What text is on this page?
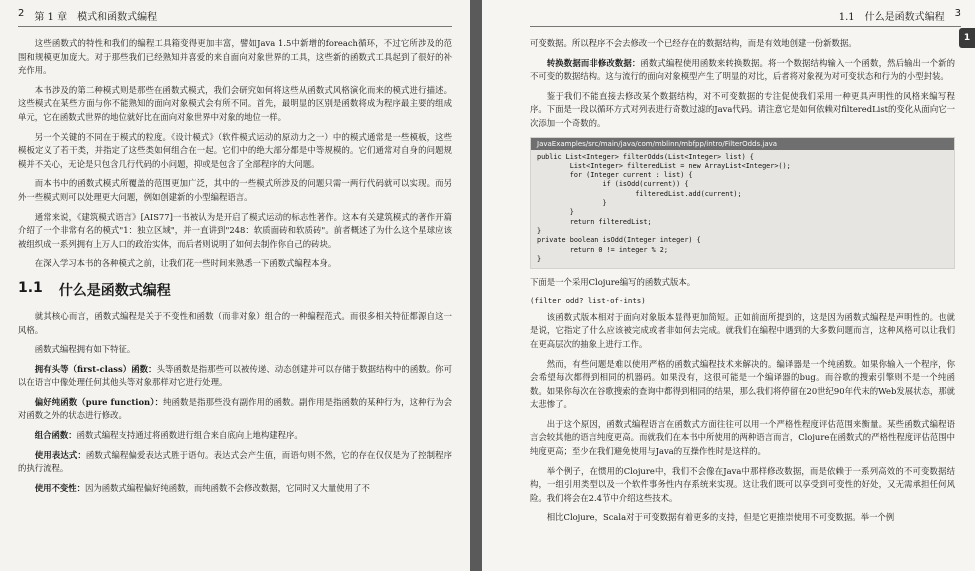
2 第 1 章　模式和函数式编程

这些函数式的特性和我们的编程工具箱变得更加丰富，譬如Java 1.5中新增的foreach循环，不过它所涉及的范围和规模更加庞大。对于那些我们已经熟知并喜爱的来自面向对象世界的工具，这些新的函数式工具起到了很好的补充作用。

本书涉及的第二种模式则是那些在函数式模式，我们会研究如何将这些从函数式风格演化而来的模式进行描述。这些模式在某些方面与你不能熟知的面向对象模式会有所不同。首先，最明显的区别是函数将成为程序最主要的组成单元，它在函数式世界的地位就好比在面向对象世界中对象的地位一样。

另一个关键的不同在于模式的粒度。《设计模式》（软件模式运动的原动力之一）中的模式通常是一些模板，这些模板定义了若干类，并指定了这些类如何组合在一起。它们中的绝大部分都是中等规模的。它们通常对自身的问题规模并不关心，无论是只包含几行代码的小问题，抑或是包含了全部程序的大问题。

而本书中的函数式模式所覆盖的范围更加广泛，其中的一些模式所涉及的问题只需一两行代码就可以实现。而另外一些模式则可以处理更大问题，例如创建新的小型编程语言。

通常来说，《建筑模式语言》[AIS77]一书被认为是开启了模式运动的标志性著作。这本有关建筑模式的著作开篇介绍了一个非常有名的模式"1：独立区域"，并一直讲到"248：软质面砖和软质砖"。前者概述了为什么这个星球应该被组织成一系列拥有上万人口的政治实体，而后者则说明了如何去制作你自己的砖块。

在深入学习本书的各种模式之前，让我们花一些时间来熟悉一下函数式编程本身。

1.1 什么是函数式编程

就其核心而言，函数式编程是关于不变性和函数（而非对象）组合的一种编程范式。而很多相关特征都源自这一风格。

函数式编程拥有如下特征。

拥有头等（first-class）函数：头等函数是指那些可以被传递、动态创建并可以存储于数据结构中的函数。你可以在语言中像处理任何其他头等对象那样对它进行处理。

偏好纯函数（pure function）：纯函数是指那些没有副作用的函数。副作用是指函数的某种行为，这种行为会对函数之外的状态进行修改。

组合函数：函数式编程支持通过将函数进行组合来自底向上地构建程序。

使用表达式：函数式编程偏爱表达式胜于语句。表达式会产生值，而语句则不然，它的存在仅仅是为了控制程序的执行流程。

使用不变性：因为函数式编程偏好纯函数，而纯函数不会修改数据，它同时又大量使用了不

1.1　什么是函数式编程 3

可变数据。所以程序不会去修改一个已经存在的数据结构，而是有效地创建一份新数据。

转换数据而非修改数据：函数式编程使用函数来转换数据。将一个数据结构输入一个函数，然后输出一个新的不可变的数据结构。这与流行的面向对象模型产生了明显的对比，后者将对象视为对可变状态和行为的小型封装。

鉴于我们不能直接去修改某个数据结构，对不可变数据的专注促使我们采用一种更具声明性的风格来编写程序。下面是一段以循环方式对列表进行奇数过滤的Java代码。请注意它是如何依赖对filteredList的变化从面向它一次添加一个奇数的。

JavaExamples/src/main/java/com/mblinn/mbfpp/intro/FilterOdds.java
public List<Integer> filterOdds(List<Integer> list) {
List<Integer> filteredList = new ArrayList<Integer>();
for (Integer current : list) {
if (isOdd(current)) {
filteredList.add(current);
}
}
return filteredList;
}
private boolean isOdd(Integer integer) {
return 0 != integer % 2;
}

下面是一个采用Clojure编写的函数式版本。

(filter odd? list-of-ints)

该函数式版本相对于面向对象版本显得更加简短。正如前面所提到的，这是因为函数式编程是声明性的。也就是说，它指定了什么应该被完成或者非如何去完成。就我们在编程中遇到的大多数问题而言，这种风格可以让我们在更高层次的抽象上进行工作。

然而，有些问题是难以使用严格的函数式编程技术来解决的。编译器是一个纯函数。如果你输入一个程序，你会希望每次都得到相同的机器码。如果没有，这很可能是一个编译器的bug。而谷歌的搜索引擎则不是一个纯函数。如果你每次在谷歌搜索的查询中都得到相同的结果，那么我们将停留在20世纪90年代末的Web发展状态，那就太悲惨了。

出于这个原因，函数式编程语言在函数式方面往往可以用一个严格性程度评估范围来衡量。某些函数式编程语言会较其他的语言纯度更高。而就我们在本书中所使用的两种语言而言，Clojure在函数式的严格性程度评估范围中纯度更高；至少在我们避免使用与Java的互操作性时是这样的。

举个例子，在惯用的Clojure中，我们不会像在Java中那样修改数据，而是依赖于一系列高效的不可变数据结构，一组引用类型以及一个软件事务性内存系统来实现。这让我们既可以享受到可变性的好处，又无需承担任何风险。我们将会在2.4节中介绍这些技术。

相比Clojure，Scala对于可变数据有着更多的支持，但是它更推崇使用不可变数据。举一个例

1
